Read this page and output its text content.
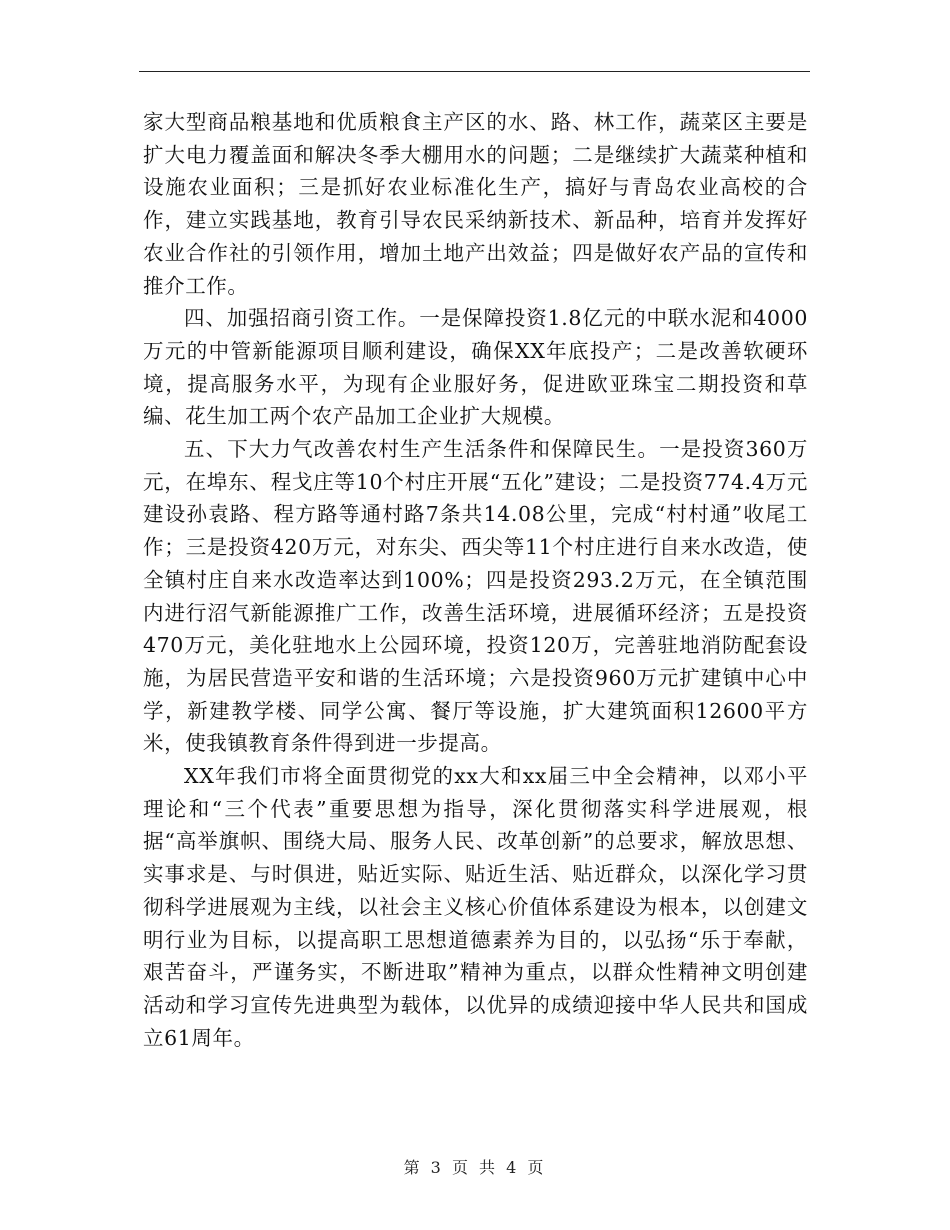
家大型商品粮基地和优质粮食主产区的水、路、林工作，蔬菜区主要是扩大电力覆盖面和解决冬季大棚用水的问题；二是继续扩大蔬菜种植和设施农业面积；三是抓好农业标准化生产，搞好与青岛农业高校的合作，建立实践基地，教育引导农民采纳新技术、新品种，培育并发挥好农业合作社的引领作用，增加土地产出效益；四是做好农产品的宣传和推介工作。

四、加强招商引资工作。一是保障投资1.8亿元的中联水泥和4000万元的中管新能源项目顺利建设，确保XX年底投产；二是改善软硬环境，提高服务水平，为现有企业服好务，促进欧亚珠宝二期投资和草编、花生加工两个农产品加工企业扩大规模。

五、下大力气改善农村生产生活条件和保障民生。一是投资360万元，在埠东、程戈庄等10个村庄开展“五化”建设；二是投资774.4万元建设孙袁路、程方路等通村路7条共14.08公里，完成“村村通”收尾工作；三是投资420万元，对东尖、西尖等11个村庄进行自来水改造，使全镇村庄自来水改造率达到100%；四是投资293.2万元，在全镇范围内进行沼气新能源推广工作，改善生活环境，进展循环经济；五是投资470万元，美化驻地水上公园环境，投资120万，完善驻地消防配套设施，为居民营造平安和谐的生活环境；六是投资960万元扩建镇中心中学，新建教学楼、同学公寓、餐厅等设施，扩大建筑面积12600平方米，使我镇教育条件得到进一步提高。

XX年我们市将全面贯彻党的xx大和xx届三中全会精神，以邓小平理论和“三个代表”重要思想为指导，深化贯彻落实科学进展观，根据“高举旗帜、围绕大局、服务人民、改革创新”的总要求，解放思想、实事求是、与时俱进，贴近实际、贴近生活、贴近群众，以深化学习贯彻科学进展观为主线，以社会主义核心价值体系建设为根本，以创建文明行业为目标，以提高职工思想道德素养为目的，以弘扬“乐于奉献，艰苦奋斗，严谨务实，不断进取”精神为重点，以群众性精神文明创建活动和学习宣传先进典型为载体，以优异的成绩迎接中华人民共和国成立61周年。

第 3 页 共 4 页
